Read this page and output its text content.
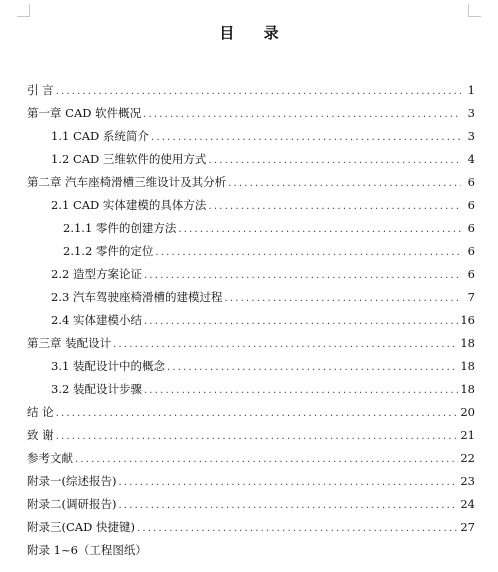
目 录
引 言 .....	1
第一章 CAD 软件概况 .....	3
1.1 CAD 系统简介 .....	3
1.2 CAD 三维软件的使用方式 .....	4
第二章 汽车座椅滑槽三维设计及其分析 .....	6
2.1 CAD 实体建模的具体方法 .....	6
2.1.1 零件的创建方法 .....	6
2.1.2 零件的定位 .....	6
2.2 造型方案论证 .....	6
2.3 汽车驾驶座椅滑槽的建模过程 .....	7
2.4 实体建模小结 .....	16
第三章 装配设计 .....	18
3.1 装配设计中的概念 .....	18
3.2 装配设计步骤 .....	18
结 论 .....	20
致 谢 .....	21
参考文献 .....	22
附录一(综述报告) .....	23
附录二(调研报告) .....	24
附录三(CAD 快捷键) .....	27
附录 1~6（工程图纸）
